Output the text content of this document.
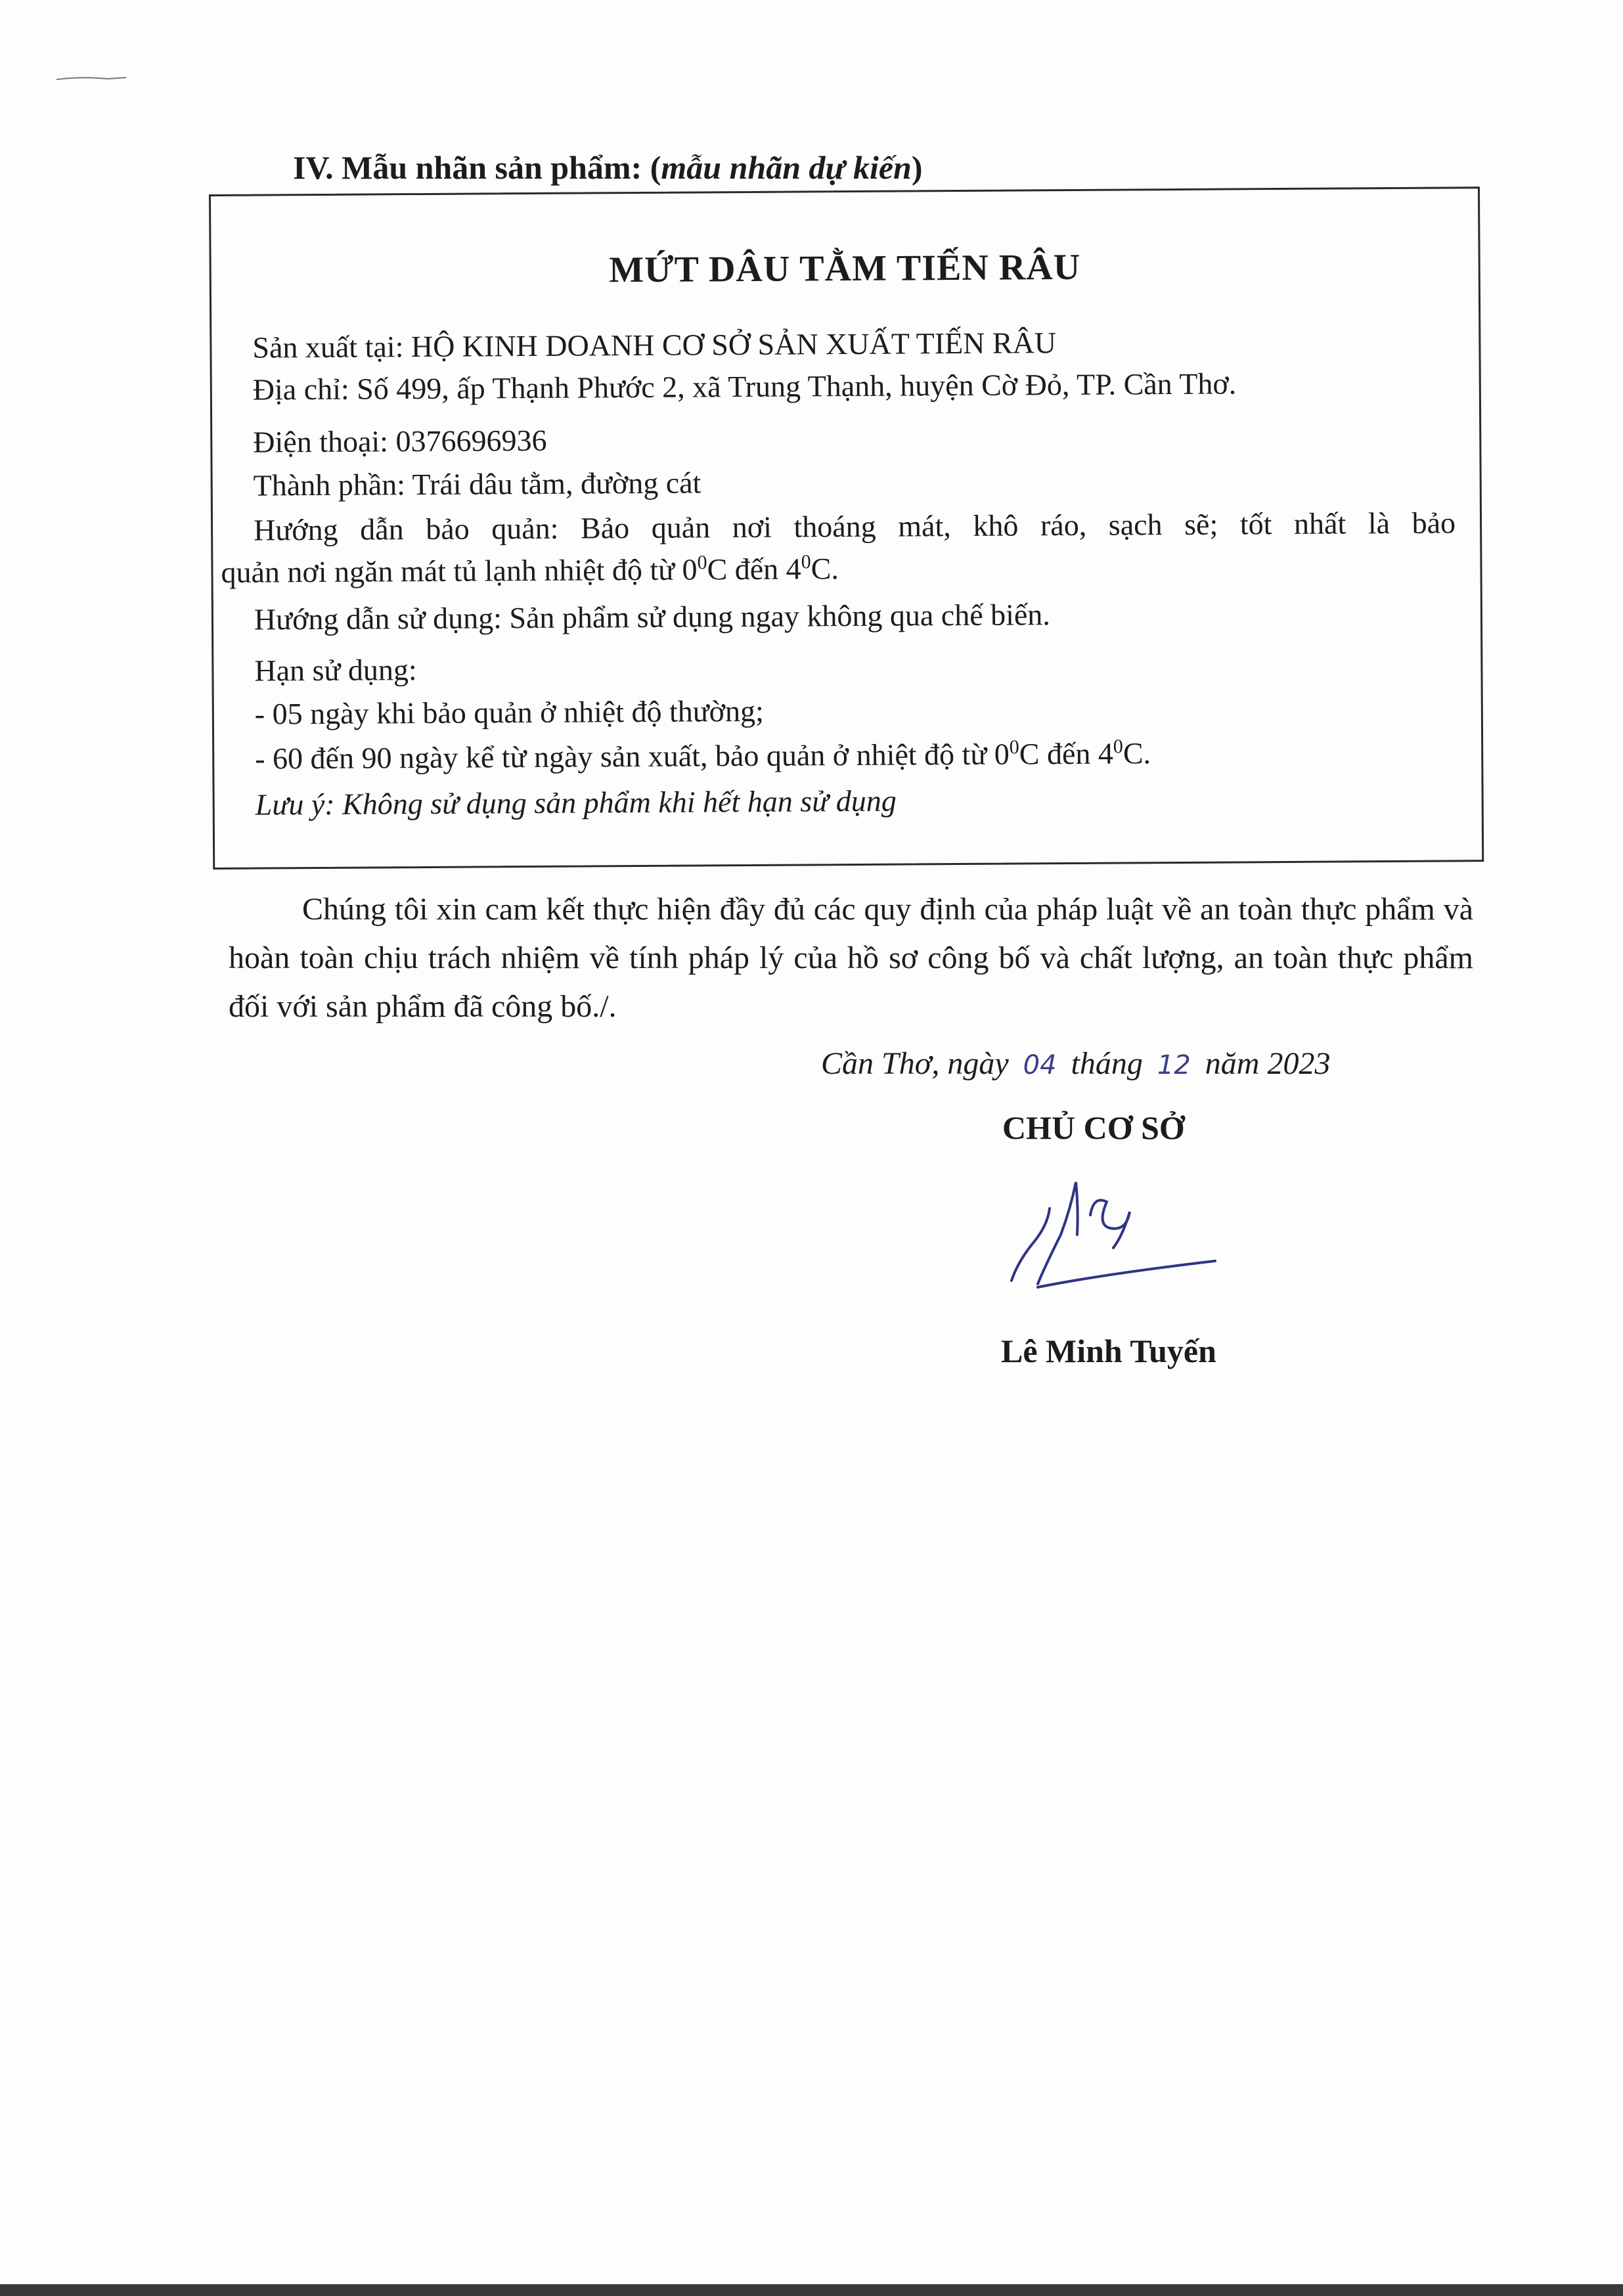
IV. Mẫu nhãn sản phẩm: (mẫu nhãn dự kiến)
MỨT DÂU TẰM TIẾN RÂU
Sản xuất tại: HỘ KINH DOANH CƠ SỞ SẢN XUẤT TIẾN RÂU
Địa chỉ: Số 499, ấp Thạnh Phước 2, xã Trung Thạnh, huyện Cờ Đỏ, TP. Cần Thơ.
Điện thoại: 0376696936
Thành phần: Trái dâu tằm, đường cát
Hướng dẫn bảo quản: Bảo quản nơi thoáng mát, khô ráo, sạch sẽ; tốt nhất là bảo
quản nơi ngăn mát tủ lạnh nhiệt độ từ $0^0C$ đến $4^0C$.
Hướng dẫn sử dụng: Sản phẩm sử dụng ngay không qua chế biến.
Hạn sử dụng:
- 05 ngày khi bảo quản ở nhiệt độ thường;
- 60 đến 90 ngày kể từ ngày sản xuất, bảo quản ở nhiệt độ từ $0^0C$ đến $4^0C$.
Lưu ý: Không sử dụng sản phẩm khi hết hạn sử dụng
Chúng tôi xin cam kết thực hiện đầy đủ các quy định của pháp luật về an toàn thực phẩm và hoàn toàn chịu trách nhiệm về tính pháp lý của hồ sơ công bố và chất lượng, an toàn thực phẩm đối với sản phẩm đã công bố./.
Cần Thơ, ngày 04 tháng 12 năm 2023
CHỦ CƠ SỞ
Lê Minh Tuyến
